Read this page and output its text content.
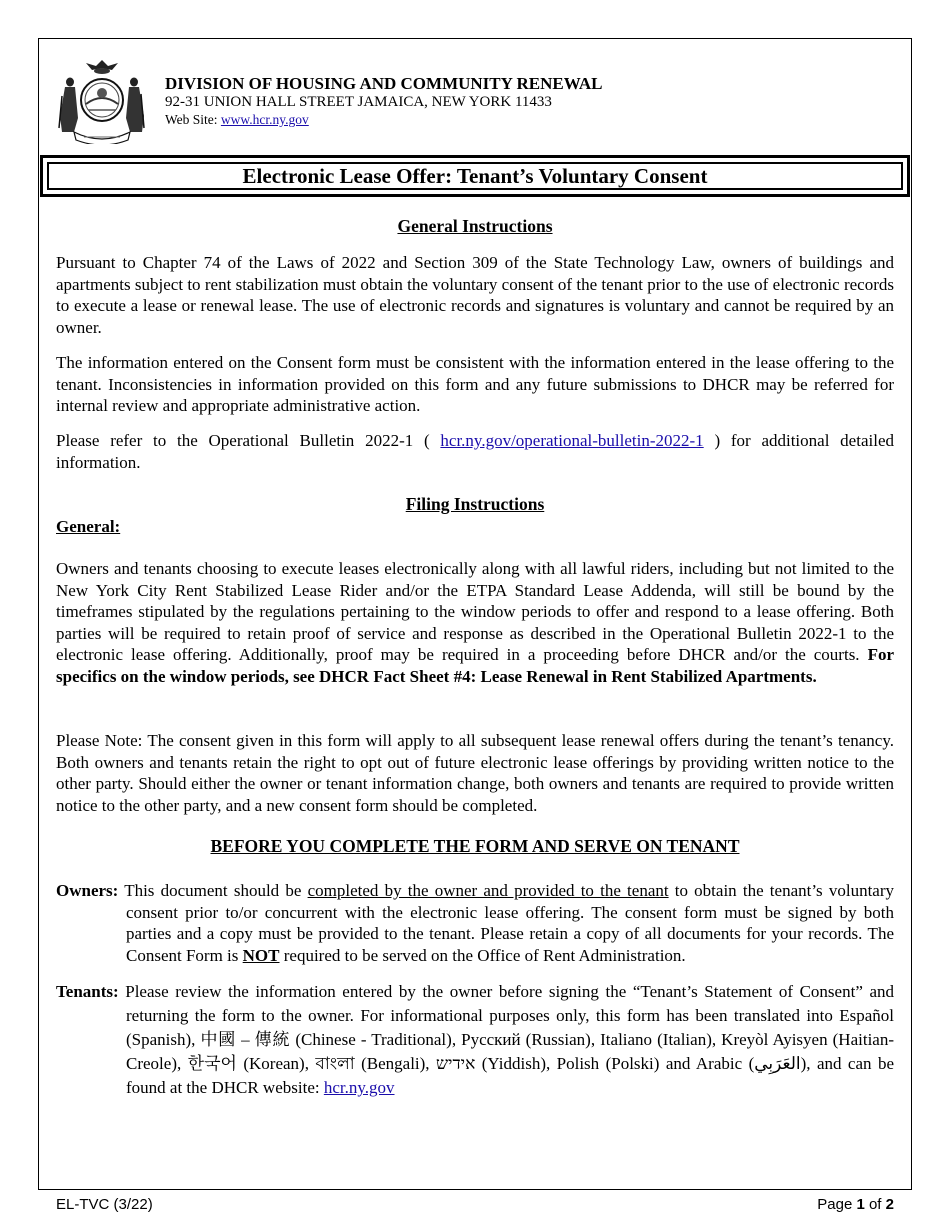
DIVISION OF HOUSING AND COMMUNITY RENEWAL
92-31 UNION HALL STREET JAMAICA, NEW YORK 11433
Web Site: www.hcr.ny.gov
Electronic Lease Offer: Tenant’s Voluntary Consent
General Instructions

Pursuant to Chapter 74 of the Laws of 2022 and Section 309 of the State Technology Law, owners of buildings and apartments subject to rent stabilization must obtain the voluntary consent of the tenant prior to the use of electronic records to execute a lease or renewal lease. The use of electronic records and signatures is voluntary and cannot be required by an owner.

The information entered on the Consent form must be consistent with the information entered in the lease offering to the tenant. Inconsistencies in information provided on this form and any future submissions to DHCR may be referred for internal review and appropriate administrative action.

Please refer to the Operational Bulletin 2022-1 ( hcr.ny.gov/operational-bulletin-2022-1 ) for additional detailed information.

Filing Instructions
General:

Owners and tenants choosing to execute leases electronically along with all lawful riders, including but not limited to the New York City Rent Stabilized Lease Rider and/or the ETPA Standard Lease Addenda, will still be bound by the timeframes stipulated by the regulations pertaining to the window periods to offer and respond to a lease offering. Both parties will be required to retain proof of service and response as described in the Operational Bulletin 2022-1 to the electronic lease offering. Additionally, proof may be required in a proceeding before DHCR and/or the courts. For specifics on the window periods, see DHCR Fact Sheet #4: Lease Renewal in Rent Stabilized Apartments.

Please Note: The consent given in this form will apply to all subsequent lease renewal offers during the tenant’s tenancy. Both owners and tenants retain the right to opt out of future electronic lease offerings by providing written notice to the other party. Should either the owner or tenant information change, both owners and tenants are required to provide written notice to the other party, and a new consent form should be completed.

BEFORE YOU COMPLETE THE FORM AND SERVE ON TENANT

Owners: This document should be completed by the owner and provided to the tenant to obtain the tenant’s voluntary consent prior to/or concurrent with the electronic lease offering. The consent form must be signed by both parties and a copy must be provided to the tenant. Please retain a copy of all documents for your records. The Consent Form is NOT required to be served on the Office of Rent Administration.

Tenants: Please review the information entered by the owner before signing the “Tenant’s Statement of Consent” and returning the form to the owner. For informational purposes only, this form has been translated into Español (Spanish), 中國 – 傳統 (Chinese - Traditional), Русский (Russian), Italiano (Italian), Kreyòl Ayisyen (Haitian-Creole), 한국어 (Korean), বাংলা (Bengali), אידיש (Yiddish), Polish (Polski) and Arabic (العَرَبِي), and can be found at the DHCR website: hcr.ny.gov

EL-TVC (3/22)	Page 1 of 2
